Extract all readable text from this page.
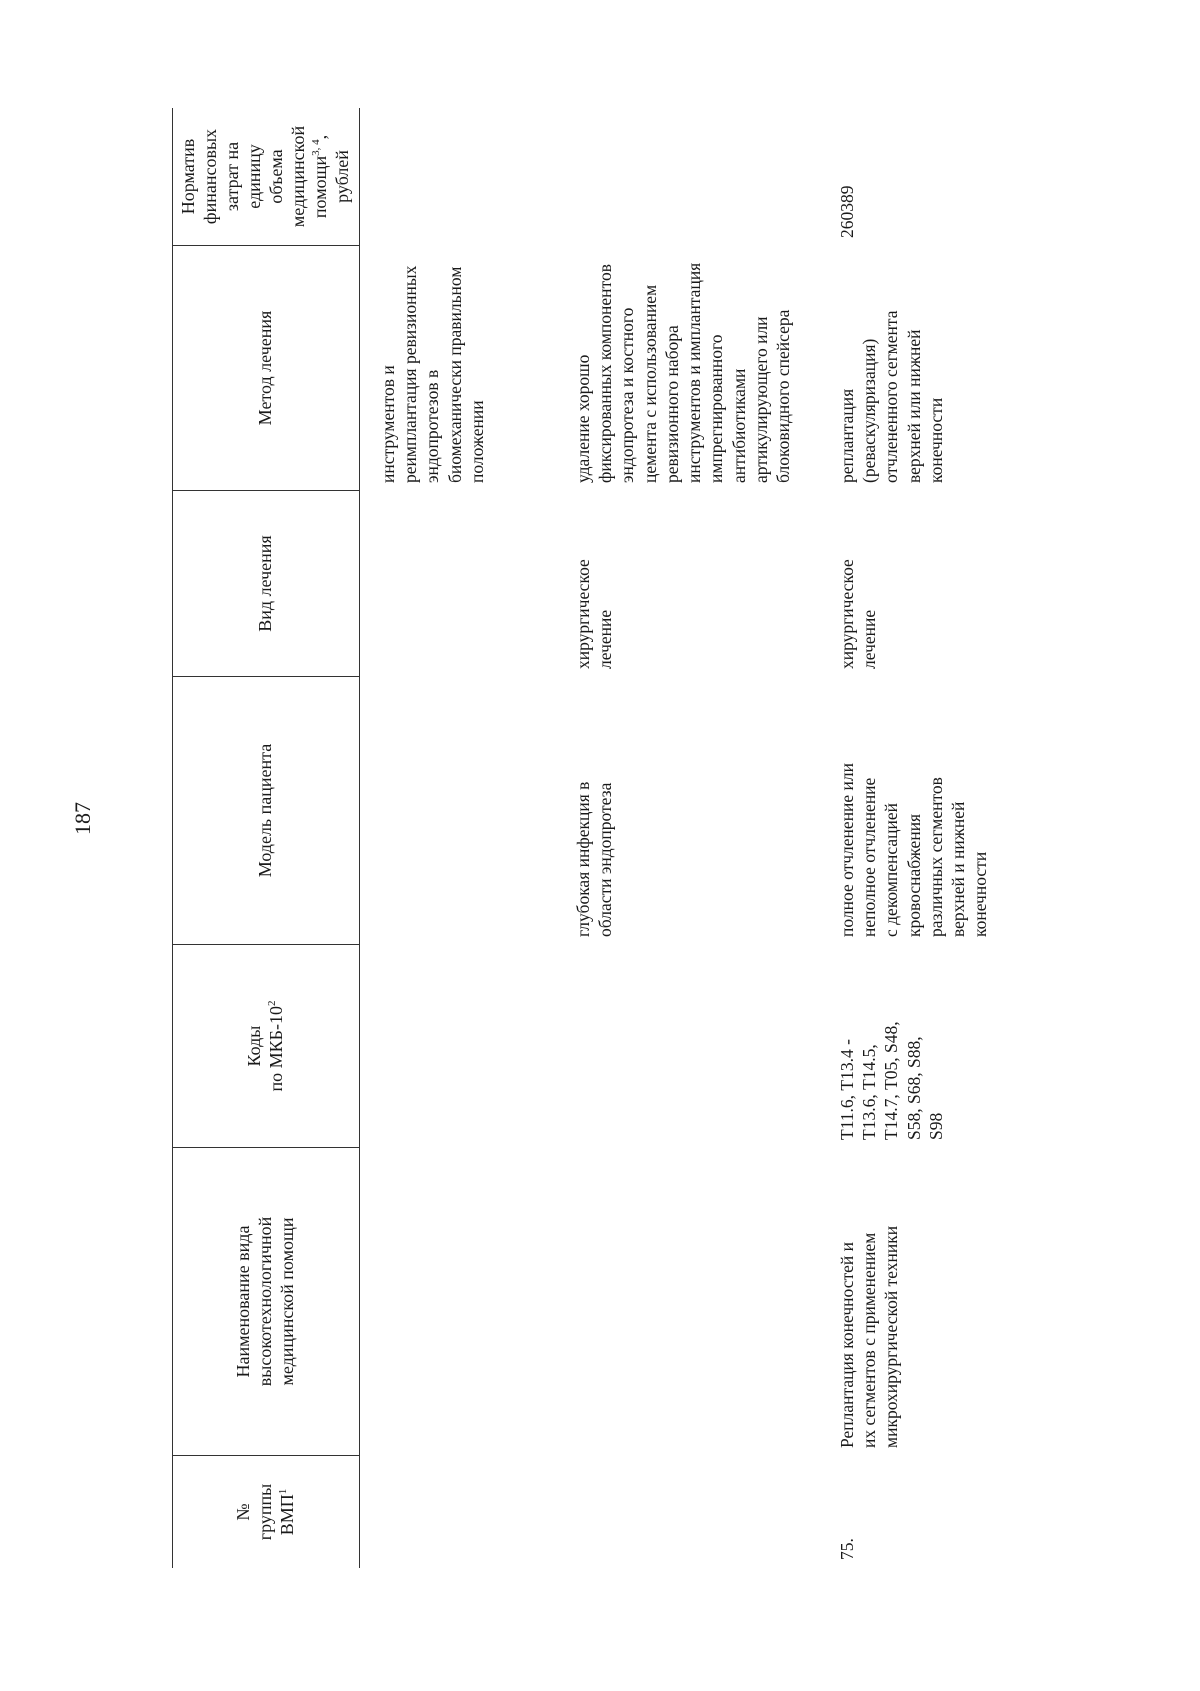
187
№
группы
ВМП$^1$
Наименование вида
высокотехнологичной
медицинской помощи
Коды
по МКБ-$10^2$
Модель пациента
Вид лечения
Метод лечения
Норматив
финансовых
затрат на
единицу объема
медицинской
помощи$^{3, 4}$,
рублей
инструментов и
реимплантация ревизионных
эндопротезов в
биомеханически правильном
положении
глубокая инфекция в
области эндопротеза
хирургическое
лечение
удаление хорошо
фиксированных компонентов
эндопротеза и костного
цемента с использованием
ревизионного набора
инструментов и имплантация
импрегнированного
антибиотиками
артикулирующего или
блоковидного спейсера
75.
Реплантация конечностей и
их сегментов с применением
микрохирургической техники
Т11.6, Т13.4 -
Т13.6, Т14.5,
Т14.7, Т05, S48,
S58, S68, S88,
S98
полное отчленение или
неполное отчленение
с декомпенсацией
кровоснабжения
различных сегментов
верхней и нижней
конечности
хирургическое
лечение
реплантация
(реваскуляризация)
отчлененного сегмента
верхней или нижней
конечности
260389
